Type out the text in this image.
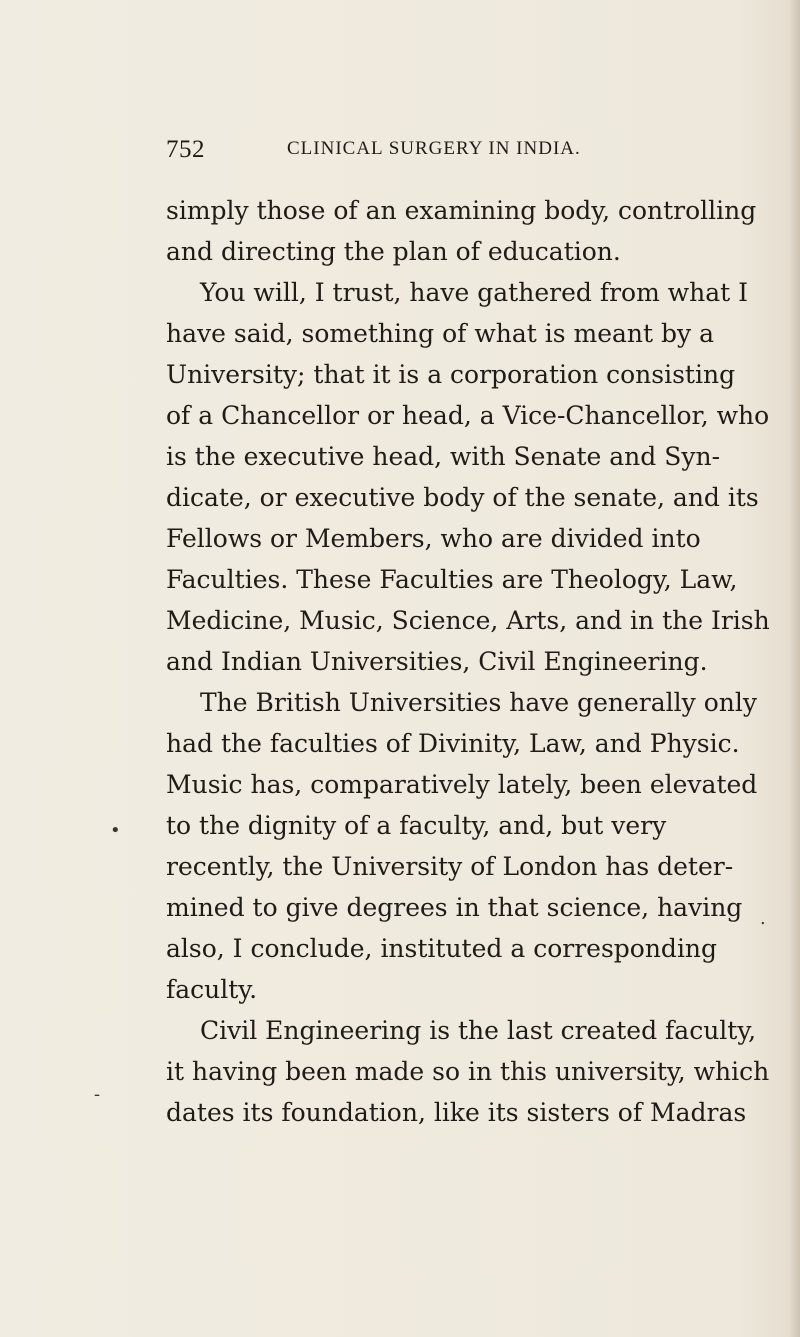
752	CLINICAL SURGERY IN INDIA.
simply those of an examining body, controlling
and directing the plan of education.
You will, I trust, have gathered from what I
have said, something of what is meant by a
University; that it is a corporation consisting
of a Chancellor or head, a Vice-Chancellor, who
is the executive head, with Senate and Syn-
dicate, or executive body of the senate, and its
Fellows or Members, who are divided into
Faculties. These Faculties are Theology, Law,
Medicine, Music, Science, Arts, and in the Irish
and Indian Universities, Civil Engineering.
The British Universities have generally only
had the faculties of Divinity, Law, and Physic.
Music has, comparatively lately, been elevated
to the dignity of a faculty, and, but very
recently, the University of London has deter-
mined to give degrees in that science, having
also, I conclude, instituted a corresponding
faculty.
Civil Engineering is the last created faculty,
it having been made so in this university, which
dates its foundation, like its sisters of Madras
•
.
-
